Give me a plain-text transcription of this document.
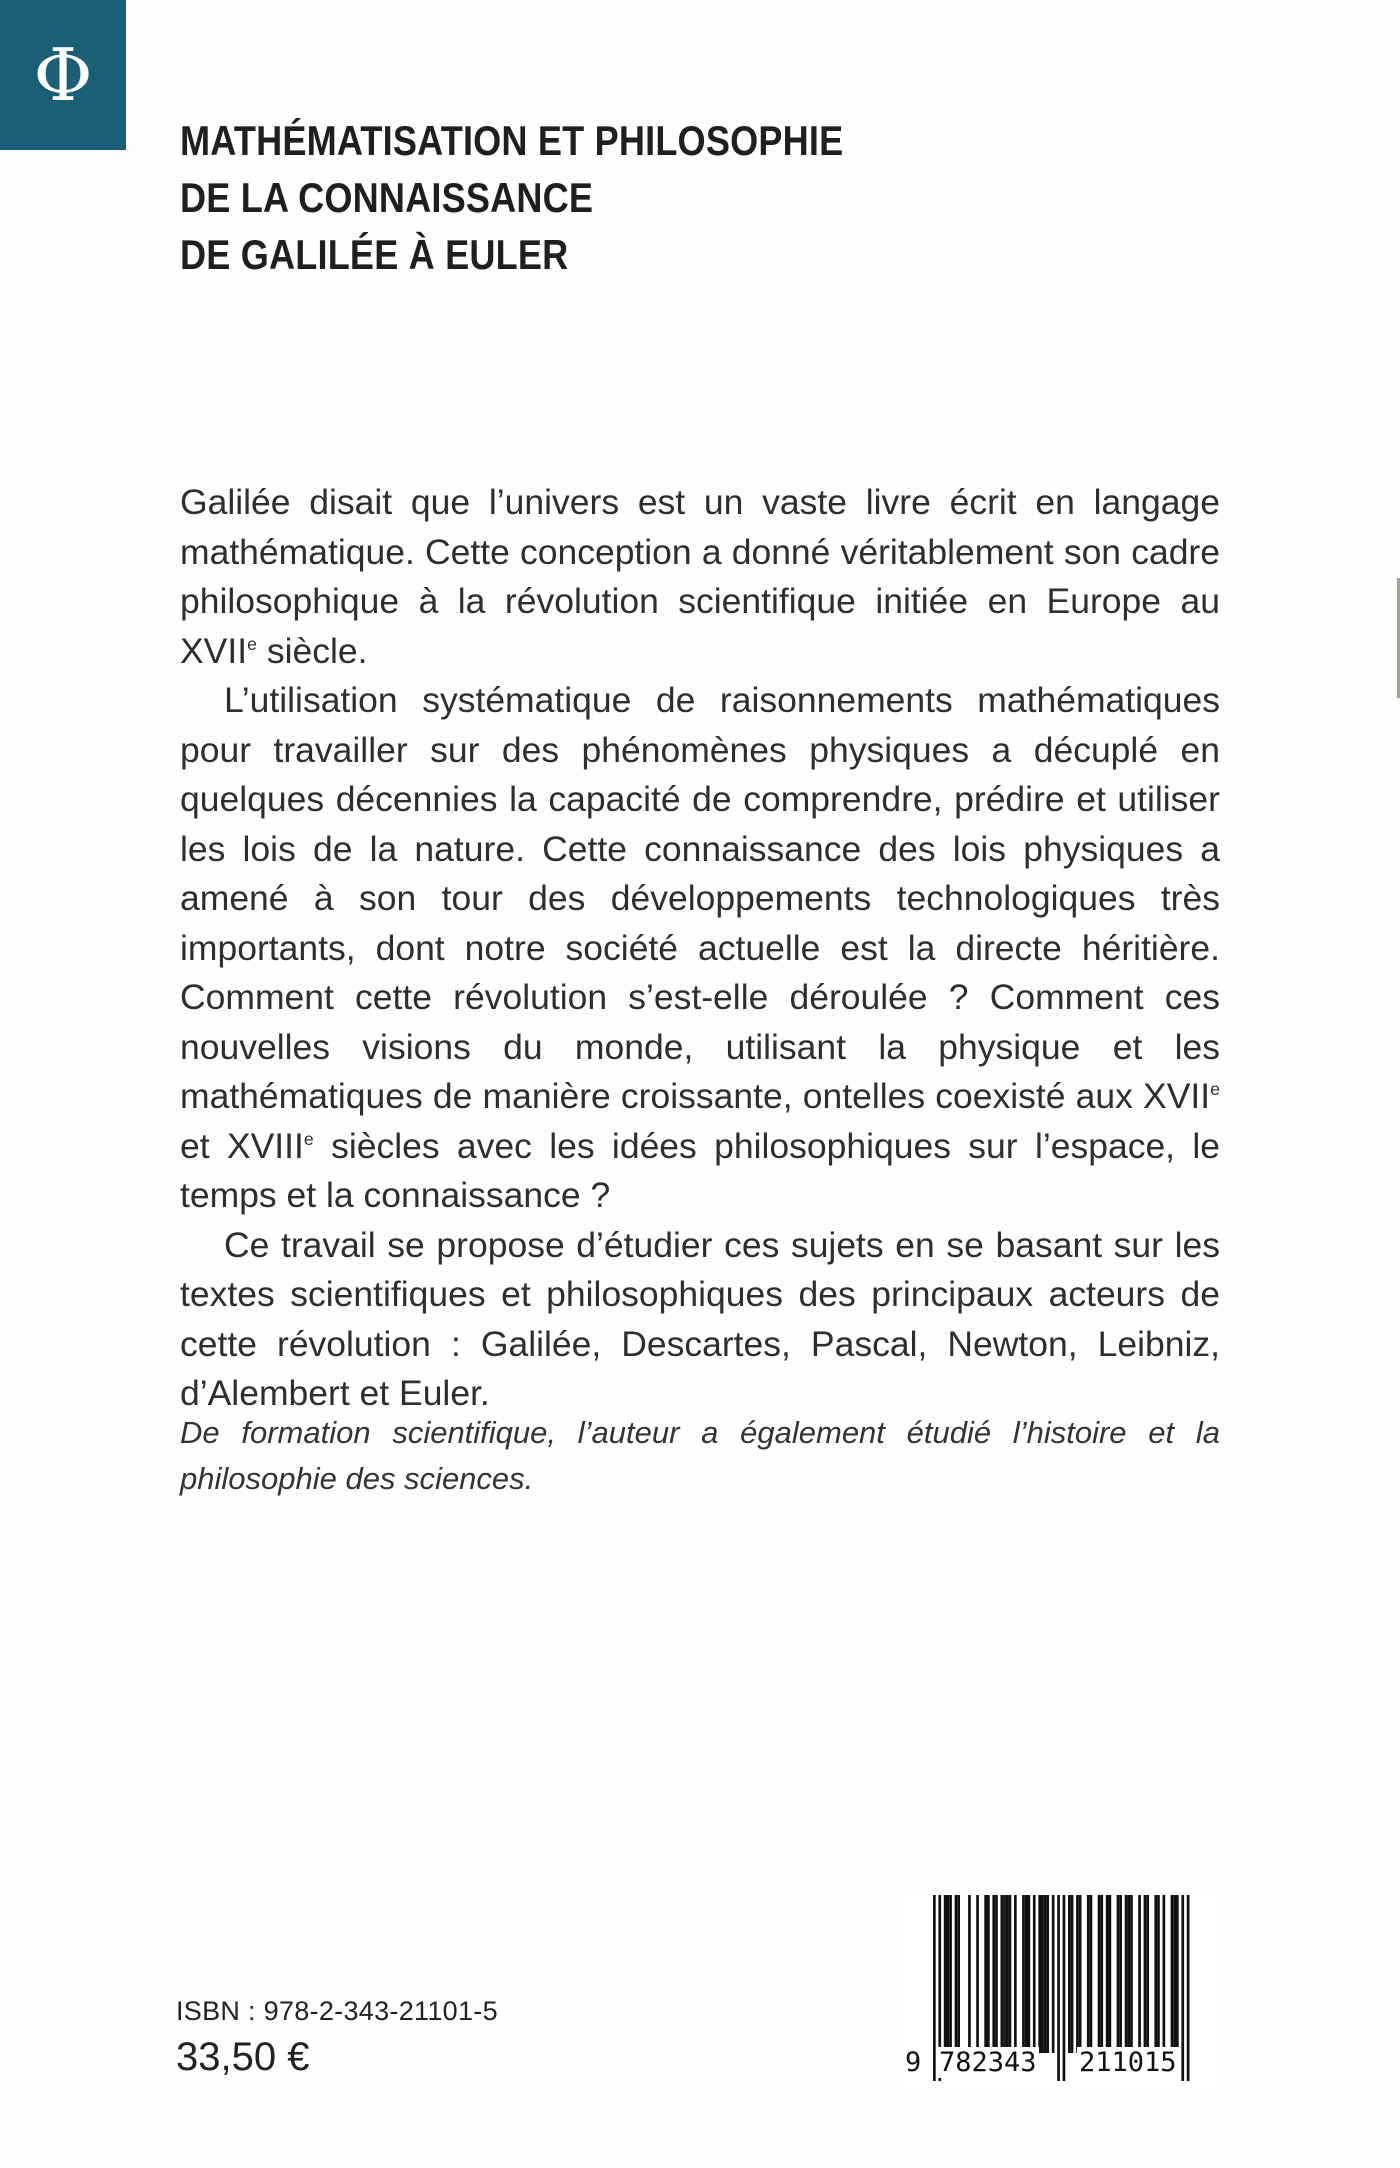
Φ
MATHÉMATISATION ET PHILOSOPHIE
DE LA CONNAISSANCE
DE GALILÉE À EULER

Galilée disait que l’univers est un vaste livre écrit en langage mathématique. Cette conception a donné véritablement son cadre philosophique à la révolution scientifique initiée en Europe au XVIIe siècle.

L’utilisation systématique de raisonnements mathématiques pour travailler sur des phénomènes physiques a décuplé en quelques décennies la capacité de comprendre, prédire et utiliser les lois de la nature. Cette connaissance des lois physiques a amené à son tour des développements technologiques très importants, dont notre société actuelle est la directe héritière. Comment cette révolution s’est-elle déroulée ? Comment ces nouvelles visions du monde, utilisant la physique et les mathématiques de manière croissante, ontelles coexisté aux XVIIe et XVIIIe siècles avec les idées philosophiques sur l’espace, le temps et la connaissance ?

Ce travail se propose d’étudier ces sujets en se basant sur les textes scientifiques et philosophiques des principaux acteurs de cette révolution : Galilée, Descartes, Pascal, Newton, Leibniz, d’Alembert et Euler.

De formation scientifique, l’auteur a également étudié l’histoire et la philosophie des sciences.
ISBN : 978-2-343-21101-5
33,50 €	9 782343 211015
